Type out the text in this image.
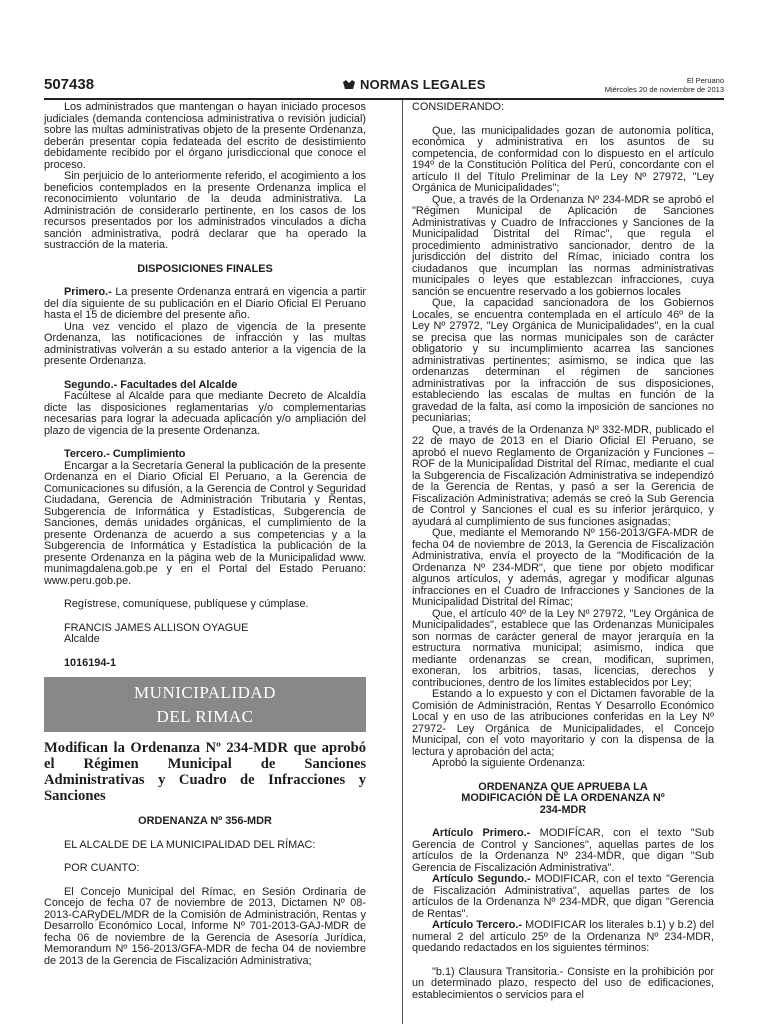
507438	NORMAS LEGALES	El Peruano
Miércoles 20 de noviembre de 2013

Los administrados que mantengan o hayan iniciado procesos judiciales (demanda contenciosa administrativa o revisión judicial) sobre las multas administrativas objeto de la presente Ordenanza, deberán presentar copia fedateada del escrito de desistimiento debidamente recibido por el órgano jurisdiccional que conoce el proceso.

Sin perjuicio de lo anteriormente referido, el acogimiento a los beneficios contemplados en la presente Ordenanza implica el reconocimiento voluntario de la deuda administrativa. La Administración de considerarlo pertinente, en los casos de los recursos presentados por los administrados vinculados a dicha sanción administrativa, podrá declarar que ha operado la sustracción de la materia.

DISPOSICIONES FINALES

Primero.- La presente Ordenanza entrará en vigencia a partir del día siguiente de su publicación en el Diario Oficial El Peruano hasta el 15 de diciembre del presente año.

Una vez vencido el plazo de vigencia de la presente Ordenanza, las notificaciones de infracción y las multas administrativas volverán a su estado anterior a la vigencia de la presente Ordenanza.

Segundo.- Facultades del Alcalde

Facúltese al Alcalde para que mediante Decreto de Alcaldía dicte las disposiciones reglamentarias y/o complementarias necesarias para lograr la adecuada aplicación y/o ampliación del plazo de vigencia de la presente Ordenanza.

Tercero.- Cumplimiento

Encargar a la Secretaría General la publicación de la presente Ordenanza en el Diario Oficial El Peruano, a la Gerencia de Comunicaciones su difusión, a la Gerencia de Control y Seguridad Ciudadana, Gerencia de Administración Tributaria y Rentas, Subgerencia de Informática y Estadísticas, Subgerencia de Sanciones, demás unidades orgánicas, el cumplimiento de la presente Ordenanza de acuerdo a sus competencias y a la Subgerencia de Informática y Estadística la publicación de la presente Ordenanza en la página web de la Municipalidad www. munimagdalena.gob.pe y en el Portal del Estado Peruano: www.peru.gob.pe.

Regístrese, comuníquese, publíquese y cúmplase.

FRANCIS JAMES ALLISON OYAGUE

Alcalde

1016194-1

MUNICIPALIDAD
DEL RIMAC

Modifican la Ordenanza Nº 234-MDR que aprobó el Régimen Municipal de Sanciones Administrativas y Cuadro de Infracciones y Sanciones

ORDENANZA Nº 356-MDR

EL ALCALDE DE LA MUNICIPALIDAD DEL RÍMAC:

POR CUANTO:

El Concejo Municipal del Rímac, en Sesión Ordinaria de Concejo de fecha 07 de noviembre de 2013, Dictamen Nº 08-2013-CARyDEL/MDR de la Comisión de Administración, Rentas y Desarrollo Económico Local, Informe Nº 701-2013-GAJ-MDR de fecha 06 de noviembre de la Gerencia de Asesoría Jurídica, Memorandum Nº 156-2013/GFA-MDR de fecha 04 de noviembre de 2013 de la Gerencia de Fiscalización Administrativa;

CONSIDERANDO:

Que, las municipalidades gozan de autonomía política, económica y administrativa en los asuntos de su competencia, de conformidad con lo dispuesto en el artículo 194º de la Constitución Política del Perú, concordante con el artículo II del Título Preliminar de la Ley Nº 27972, "Ley Orgánica de Municipalidades";

Que, a través de la Ordenanza Nº 234-MDR se aprobó el "Régimen Municipal de Aplicación de Sanciones Administrativas y Cuadro de Infracciones y Sanciones de la Municipalidad Distrital del Rímac", que regula el procedimiento administrativo sancionador, dentro de la jurisdicción del distrito del Rímac, iniciado contra los ciudadanos que incumplan las normas administrativas municipales o leyes que establezcan infracciones, cuya sanción se encuentre reservado a los gobiernos locales

Que, la capacidad sancionadora de los Gobiernos Locales, se encuentra contemplada en el artículo 46º de la Ley Nº 27972, "Ley Orgánica de Municipalidades", en la cual se precisa que las normas municipales son de carácter obligatorio y su incumplimiento acarrea las sanciones administrativas pertinentes; asimismo, se indica que las ordenanzas determinan el régimen de sanciones administrativas por la infracción de sus disposiciones, estableciendo las escalas de multas en función de la gravedad de la falta, así como la imposición de sanciones no pecuniarias;

Que, a través de la Ordenanza Nº 332-MDR, publicado el 22 de mayo de 2013 en el Diario Oficial El Peruano, se aprobó el nuevo Reglamento de Organización y Funciones – ROF de la Municipalidad Distrital del Rímac, mediante el cual la Subgerencia de Fiscalización Administrativa se independizó de la Gerencia de Rentas, y pasó a ser la Gerencia de Fiscalización Administrativa; además se creó la Sub Gerencia de Control y Sanciones el cual es su inferior jerárquico, y ayudará al cumplimiento de sus funciones asignadas;

Que, mediante el Memorando Nº 156-2013/GFA-MDR de fecha 04 de noviembre de 2013, la Gerencia de Fiscalización Administrativa, envía el proyecto de la "Modificación de la Ordenanza Nº 234-MDR", que tiene por objeto modificar algunos artículos, y además, agregar y modificar algunas infracciones en el Cuadro de Infracciones y Sanciones de la Municipalidad Distrital del Rímac;

Que, el artículo 40º de la Ley Nº 27972, "Ley Orgánica de Municipalidades", establece que las Ordenanzas Municipales son normas de carácter general de mayor jerarquía en la estructura normativa municipal; asimismo, indica que mediante ordenanzas se crean, modifican, suprimen, exoneran, los arbitrios, tasas, licencias, derechos y contribuciones, dentro de los límites establecidos por Ley;

Estando a lo expuesto y con el Dictamen favorable de la Comisión de Administración, Rentas Y Desarrollo Económico Local y en uso de las atribuciones conferidas en la Ley Nº 27972- Ley Orgánica de Municipalidades, el Concejo Municipal, con el voto mayoritario y con la dispensa de la lectura y aprobación del acta;

Aprobó la siguiente Ordenanza:

ORDENANZA QUE APRUEBA LA MODIFICACIÓN DE LA ORDENANZA Nº 234-MDR

Artículo Primero.- MODIFÍCAR, con el texto "Sub Gerencia de Control y Sanciones", aquellas partes de los artículos de la Ordenanza Nº 234-MDR, que digan "Sub Gerencia de Fiscalización Administrativa".

Artículo Segundo.- MODIFICAR, con el texto "Gerencia de Fiscalización Administrativa", aquellas partes de los artículos de la Ordenanza Nº 234-MDR, que digan "Gerencia de Rentas".

Artículo Tercero.- MODIFICAR los literales b.1) y b.2) del numeral 2 del artículo 25º de la Ordenanza Nº 234-MDR, quedando redactados en los siguientes términos:

"b.1) Clausura Transitoria.- Consiste en la prohibición por un determinado plazo, respecto del uso de edificaciones, establecimientos o servicios para el
